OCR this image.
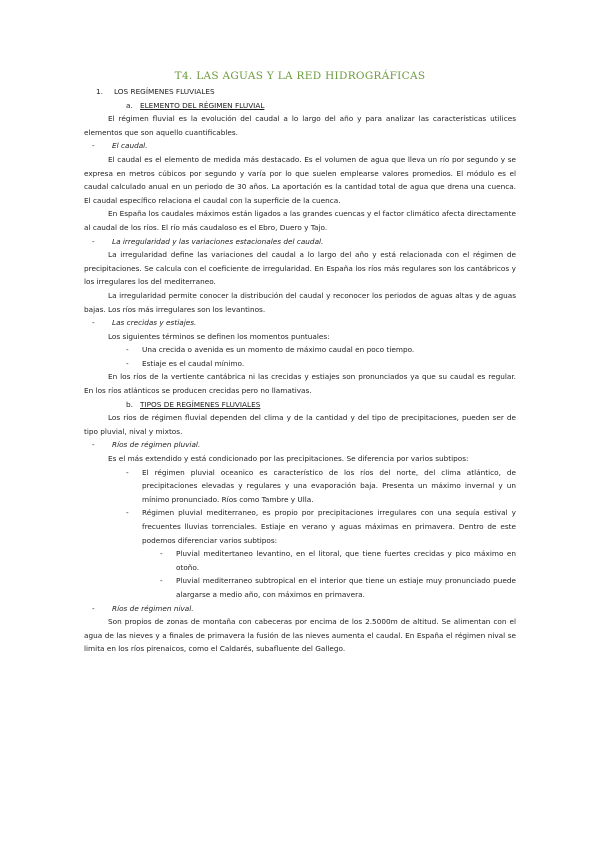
T4. LAS AGUAS Y LA RED HIDROGRÁFICAS

1. LOS REGÍMENES FLUVIALES

a. ELEMENTO DEL RÉGIMEN FLUVIAL

El régimen fluvial es la evolución del caudal a lo largo del año y para analizar las características utilices elementos que son aquello cuantificables.

- El caudal.

El caudal es el elemento de medida más destacado. Es el volumen de agua que lleva un río por segundo y se expresa en metros cúbicos por segundo y varía por lo que suelen emplearse valores promedios. El módulo es el caudal calculado anual en un periodo de 30 años. La aportación es la cantidad total de agua que drena una cuenca. El caudal específico relaciona el caudal con la superficie de la cuenca.

En España los caudales máximos están ligados a las grandes cuencas y el factor climático afecta directamente al caudal de los ríos. El río más caudaloso es el Ebro, Duero y Tajo.

- La irregularidad y las variaciones estacionales del caudal.

La irregularidad define las variaciones del caudal a lo largo del año y está relacionada con el régimen de precipitaciones. Se calcula con el coeficiente de irregularidad. En España los ríos más regulares son los cantábricos y los irregulares los del mediterraneo.

La irregularidad permite conocer la distribución del caudal y reconocer los periodos de aguas altas y de aguas bajas. Los ríos más irregulares son los levantinos.

- Las crecidas y estiajes.

Los siguientes términos se definen los momentos puntuales:

-	Una crecida o avenida es un momento de máximo caudal en poco tiempo.
-	Estiaje es el caudal mínimo.

En los ríos de la vertiente cantábrica ni las crecidas y estiajes son pronunciados ya que su caudal es regular. En los ríos atlánticos se producen crecidas pero no llamativas.

b. TIPOS DE REGÍMENES FLUVIALES

Los ríos de régimen fluvial dependen del clima y de la cantidad y del tipo de precipitaciones, pueden ser de tipo pluvial, nival y mixtos.

- Ríos de régimen pluvial.

Es el más extendido y está condicionado por las precipitaciones. Se diferencia por varios subtipos:

-	El régimen pluvial oceanico es característico de los ríos del norte, del clima atlántico, de precipitaciones elevadas y regulares y una evaporación baja. Presenta un máximo invernal y un mínimo pronunciado. Ríos como Tambre y Ulla.
-	Régimen pluvial mediterraneo, es propio por precipitaciones irregulares con una sequía estival y frecuentes lluvias torrenciales. Estiaje en verano y aguas máximas en primavera. Dentro de este podemos diferenciar varios subtipos:
-	Pluvial meditertaneo levantino, en el litoral, que tiene fuertes crecidas y pico máximo en otoño.
-	Pluvial mediterraneo subtropical en el interior que tiene un estiaje muy pronunciado puede alargarse a medio año, con máximos en primavera.

- Ríos de régimen nival.

Son propios de zonas de montaña con cabeceras por encima de los 2.5000m de altitud. Se alimentan con el agua de las nieves y a finales de primavera la fusión de las nieves aumenta el caudal. En España el régimen nival se limita en los ríos pirenaicos, como el Caldarés, subafluente del Gallego.
